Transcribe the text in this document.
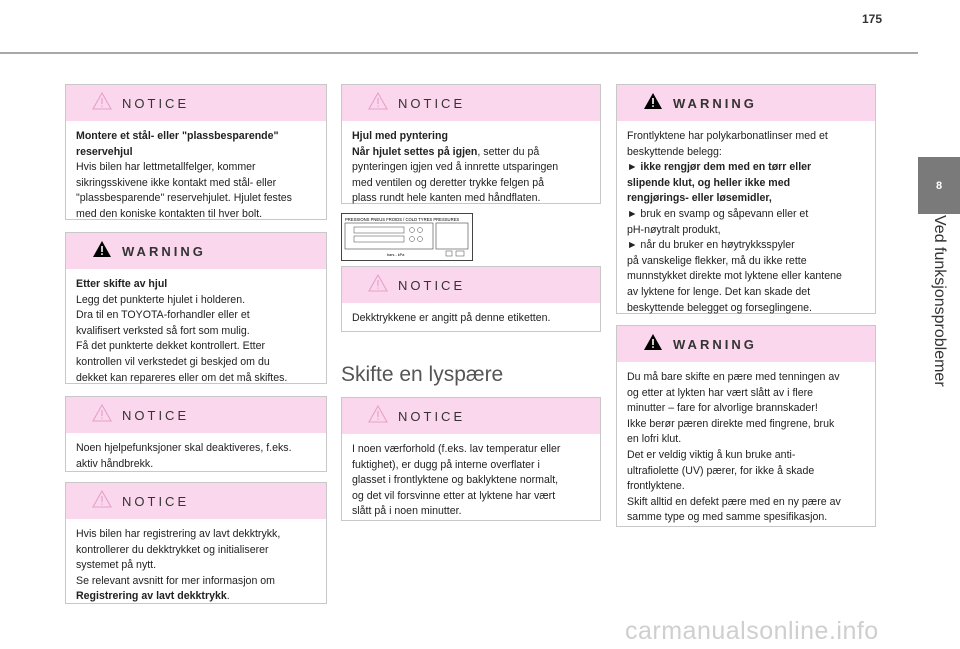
175
8
Ved funksjonsproblemer
NOTICE

Montere et stål- eller "plassbesparende"

reservehjul

Hvis bilen har lettmetallfelger, kommer

sikringsskivene ikke kontakt med stål- eller

"plassbesparende" reservehjulet. Hjulet festes

med den koniske kontakten til hver bolt.

WARNING

Etter skifte av hjul

Legg det punkterte hjulet i holderen.

Dra til en TOYOTA-forhandler eller et

kvalifisert verksted så fort som mulig.

Få det punkterte dekket kontrollert. Etter

kontrollen vil verkstedet gi beskjed om du

dekket kan repareres eller om det må skiftes.

NOTICE

Noen hjelpefunksjoner skal deaktiveres, f.eks.

aktiv håndbrekk.

NOTICE

Hvis bilen har registrering av lavt dekktrykk,

kontrollerer du dekktrykket og initialiserer

systemet på nytt.

Se relevant avsnitt for mer informasjon om

Registrering av lavt dekktrykk.

NOTICE

Hjul med pyntering

Når hjulet settes på igjen, setter du på

pynteringen igjen ved å innrette utsparingen

med ventilen og deretter trykke felgen på

plass rundt hele kanten med håndflaten.

PRESSIONS PNEUS FROIDS / COLD TYRES PRESSURES
bars - kPa
NOTICE

Dekktrykkene er angitt på denne etiketten.

Skifte en lyspære
NOTICE

I noen værforhold (f.eks. lav temperatur eller

fuktighet), er dugg på interne overflater i

glasset i frontlyktene og baklyktene normalt,

og det vil forsvinne etter at lyktene har vært

slått på i noen minutter.

WARNING

Frontlyktene har polykarbonatlinser med et

beskyttende belegg:

► ikke rengjør dem med en tørr eller

slipende klut, og heller ikke med

rengjørings- eller løsemidler,

► bruk en svamp og såpevann eller et

pH-nøytralt produkt,

► når du bruker en høytrykksspyler

på vanskelige flekker, må du ikke rette

munnstykket direkte mot lyktene eller kantene

av lyktene for lenge. Det kan skade det

beskyttende belegget og forseglingene.

WARNING

Du må bare skifte en pære med tenningen av

og etter at lykten har vært slått av i flere

minutter – fare for alvorlige brannskader!

Ikke berør pæren direkte med fingrene, bruk

en lofri klut.

Det er veldig viktig å kun bruke anti-

ultrafiolette (UV) pærer, for ikke å skade

frontlyktene.

Skift alltid en defekt pære med en ny pære av

samme type og med samme spesifikasjon.

carmanualsonline.info
